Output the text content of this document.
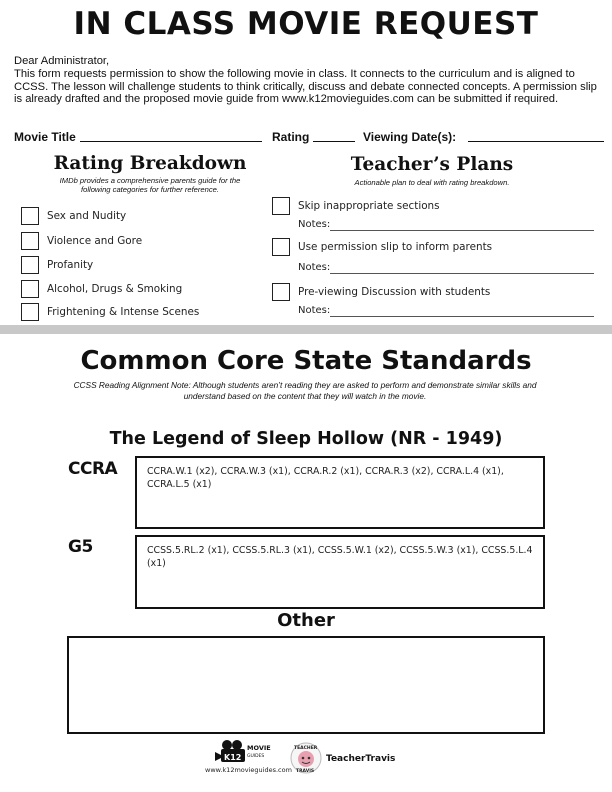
IN CLASS MOVIE REQUEST

Dear Administrator,

This form requests permission to show the following movie in class. It connects to the curriculum and is aligned to CCSS. The lesson will challenge students to think critically, discuss and debate connected concepts. A permission slip is already drafted and the proposed movie guide from www.k12movieguides.com can be submitted if required.

Movie Title	Rating	Viewing Date(s):
Rating Breakdown
IMDb provides a comprehensive parents guide for the
following categories for further reference.
Sex and Nudity
Violence and Gore
Profanity
Alcohol, Drugs & Smoking
Frightening & Intense Scenes
Teacher’s Plans
Actionable plan to deal with rating breakdown.
Skip inappropriate sections
Notes:
Use permission slip to inform parents
Notes:
Pre-viewing Discussion with students
Notes:
Common Core State Standards
CCSS Reading Alignment Note: Although students aren’t reading they are asked to perform and demonstrate similar skills and understand based on the content that they will watch in the movie.
The Legend of Sleep Hollow (NR - 1949)
CCRA	CCRA.W.1 (x2), CCRA.W.3 (x1), CCRA.R.2 (x1), CCRA.R.3 (x2), CCRA.L.4 (x1), CCRA.L.5 (x1)
G5	CCSS.5.RL.2 (x1), CCSS.5.RL.3 (x1), CCSS.5.W.1 (x2), CCSS.5.W.3 (x1), CCSS.5.L.4 (x1)
Other
MOVIE
GUIDES
K12
www.k12movieguides.com
TEACHER
TRAVIS
TeacherTravis
